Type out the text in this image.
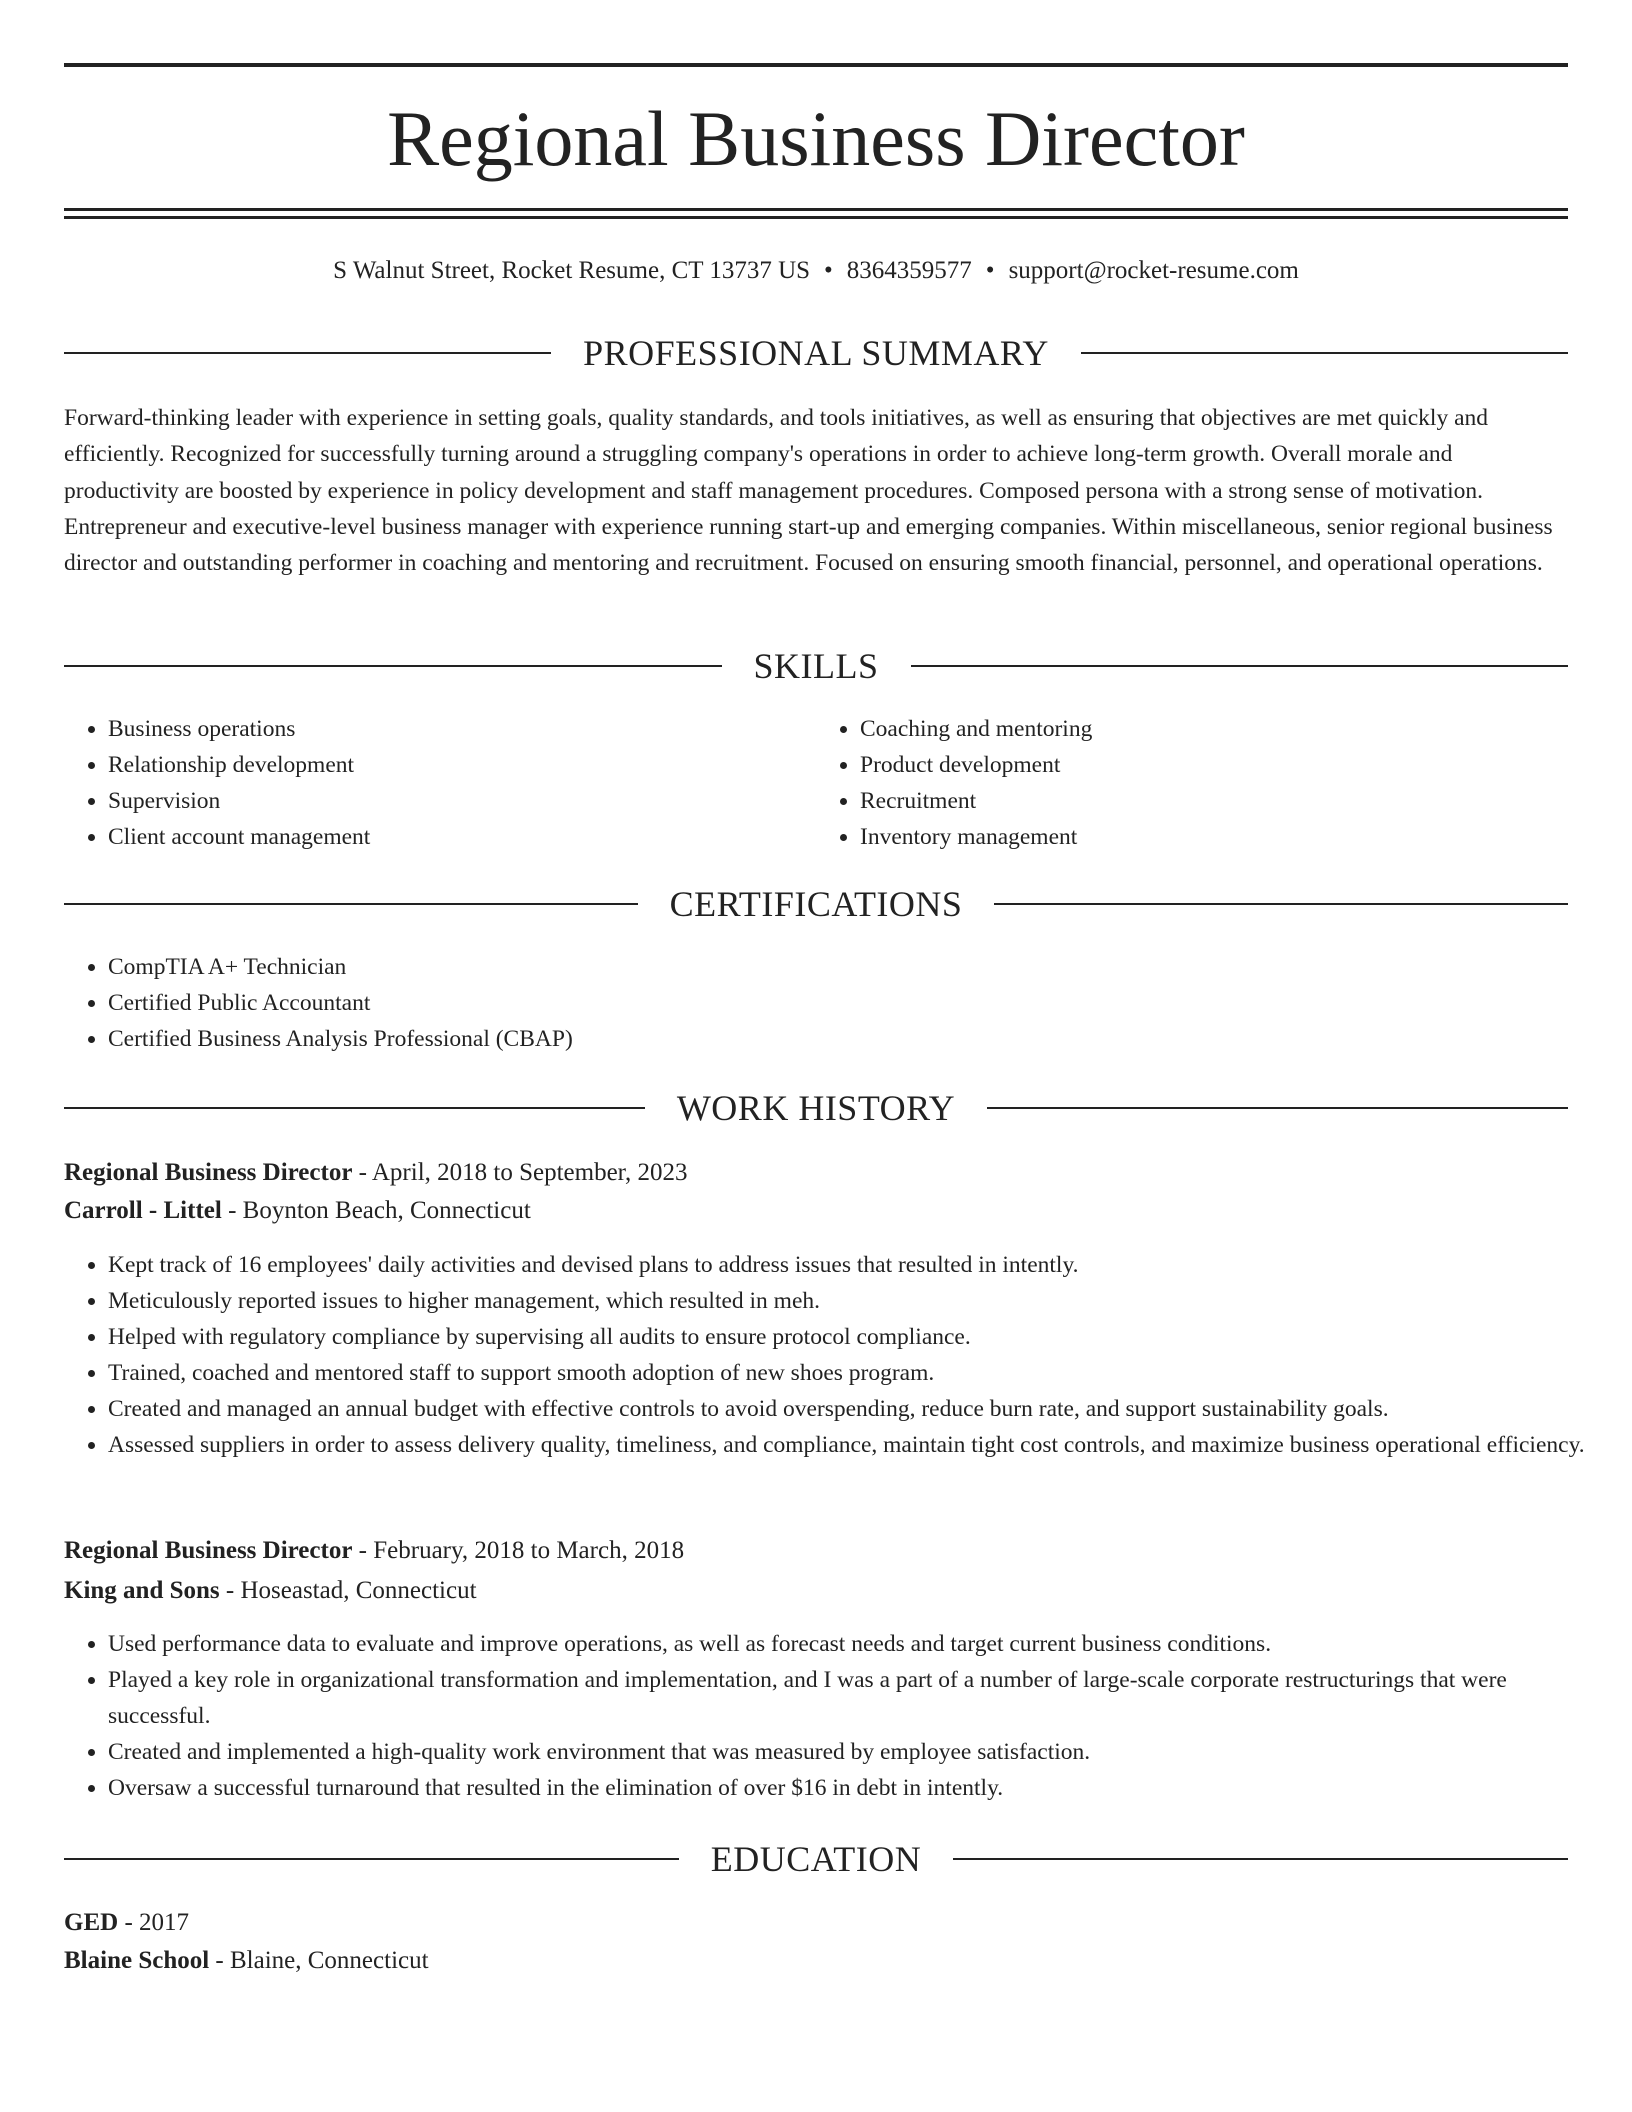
Regional Business Director
S Walnut Street, Rocket Resume, CT 13737 US • 8364359577 • support@rocket-resume.com
PROFESSIONAL SUMMARY

Forward-thinking leader with experience in setting goals, quality standards, and tools initiatives, as well as ensuring that objectives are met quickly and efficiently. Recognized for successfully turning around a struggling company's operations in order to achieve long-term growth. Overall morale and productivity are boosted by experience in policy development and staff management procedures. Composed persona with a strong sense of motivation. Entrepreneur and executive-level business manager with experience running start-up and emerging companies. Within miscellaneous, senior regional business director and outstanding performer in coaching and mentoring and recruitment. Focused on ensuring smooth financial, personnel, and operational operations.

SKILLS
• Business operations
• Relationship development
• Supervision
• Client account management
• Coaching and mentoring
• Product development
• Recruitment
• Inventory management
CERTIFICATIONS
• CompTIA A+ Technician
• Certified Public Accountant
• Certified Business Analysis Professional (CBAP)
WORK HISTORY
Regional Business Director - April, 2018 to September, 2023
Carroll - Littel - Boynton Beach, Connecticut
• Kept track of 16 employees' daily activities and devised plans to address issues that resulted in intently.
• Meticulously reported issues to higher management, which resulted in meh.
• Helped with regulatory compliance by supervising all audits to ensure protocol compliance.
• Trained, coached and mentored staff to support smooth adoption of new shoes program.
• Created and managed an annual budget with effective controls to avoid overspending, reduce burn rate, and support sustainability goals.
• Assessed suppliers in order to assess delivery quality, timeliness, and compliance, maintain tight cost controls, and maximize business operational efficiency.
Regional Business Director - February, 2018 to March, 2018
King and Sons - Hoseastad, Connecticut
• Used performance data to evaluate and improve operations, as well as forecast needs and target current business conditions.
• Played a key role in organizational transformation and implementation, and I was a part of a number of large-scale corporate restructurings that were successful.
• Created and implemented a high-quality work environment that was measured by employee satisfaction.
• Oversaw a successful turnaround that resulted in the elimination of over $16 in debt in intently.
EDUCATION
GED - 2017
Blaine School - Blaine, Connecticut
